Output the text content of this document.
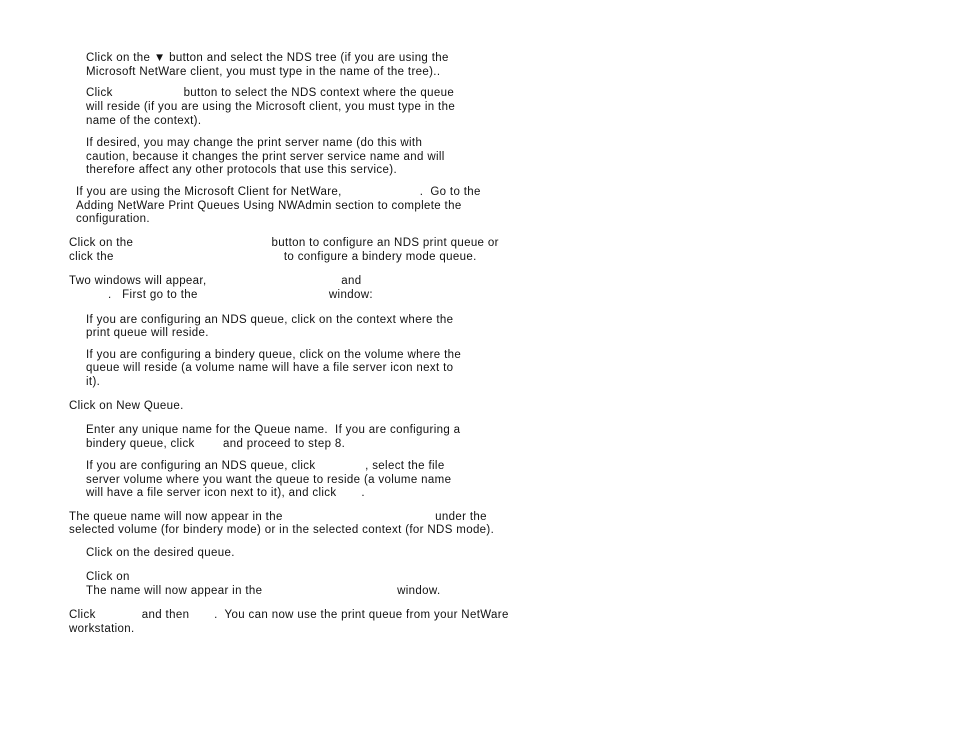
Click on the ▼ button and select the NDS tree (if you are using the
Microsoft NetWare client, you must type in the name of the tree)..
Click                    button to select the NDS context where the queue
will reside (if you are using the Microsoft client, you must type in the
name of the context).
If desired, you may change the print server name (do this with
caution, because it changes the print server service name and will
therefore affect any other protocols that use this service).
If you are using the Microsoft Client for NetWare,                      .  Go to the
Adding NetWare Print Queues Using NWAdmin section to complete the
configuration.
Click on the                                       button to configure an NDS print queue or
click the                                                to configure a bindery mode queue.
Two windows will appear,                                      and
.   First go to the                                     window:
If you are configuring an NDS queue, click on the context where the
print queue will reside.
If you are configuring a bindery queue, click on the volume where the
queue will reside (a volume name will have a file server icon next to
it).
Click on New Queue.
Enter any unique name for the Queue name.  If you are configuring a
bindery queue, click        and proceed to step 8.
If you are configuring an NDS queue, click              , select the file
server volume where you want the queue to reside (a volume name
will have a file server icon next to it), and click       .
The queue name will now appear in the                                           under the
selected volume (for bindery mode) or in the selected context (for NDS mode).
Click on the desired queue.
Click on
The name will now appear in the                                      window.
Click             and then       .  You can now use the print queue from your NetWare
workstation.
